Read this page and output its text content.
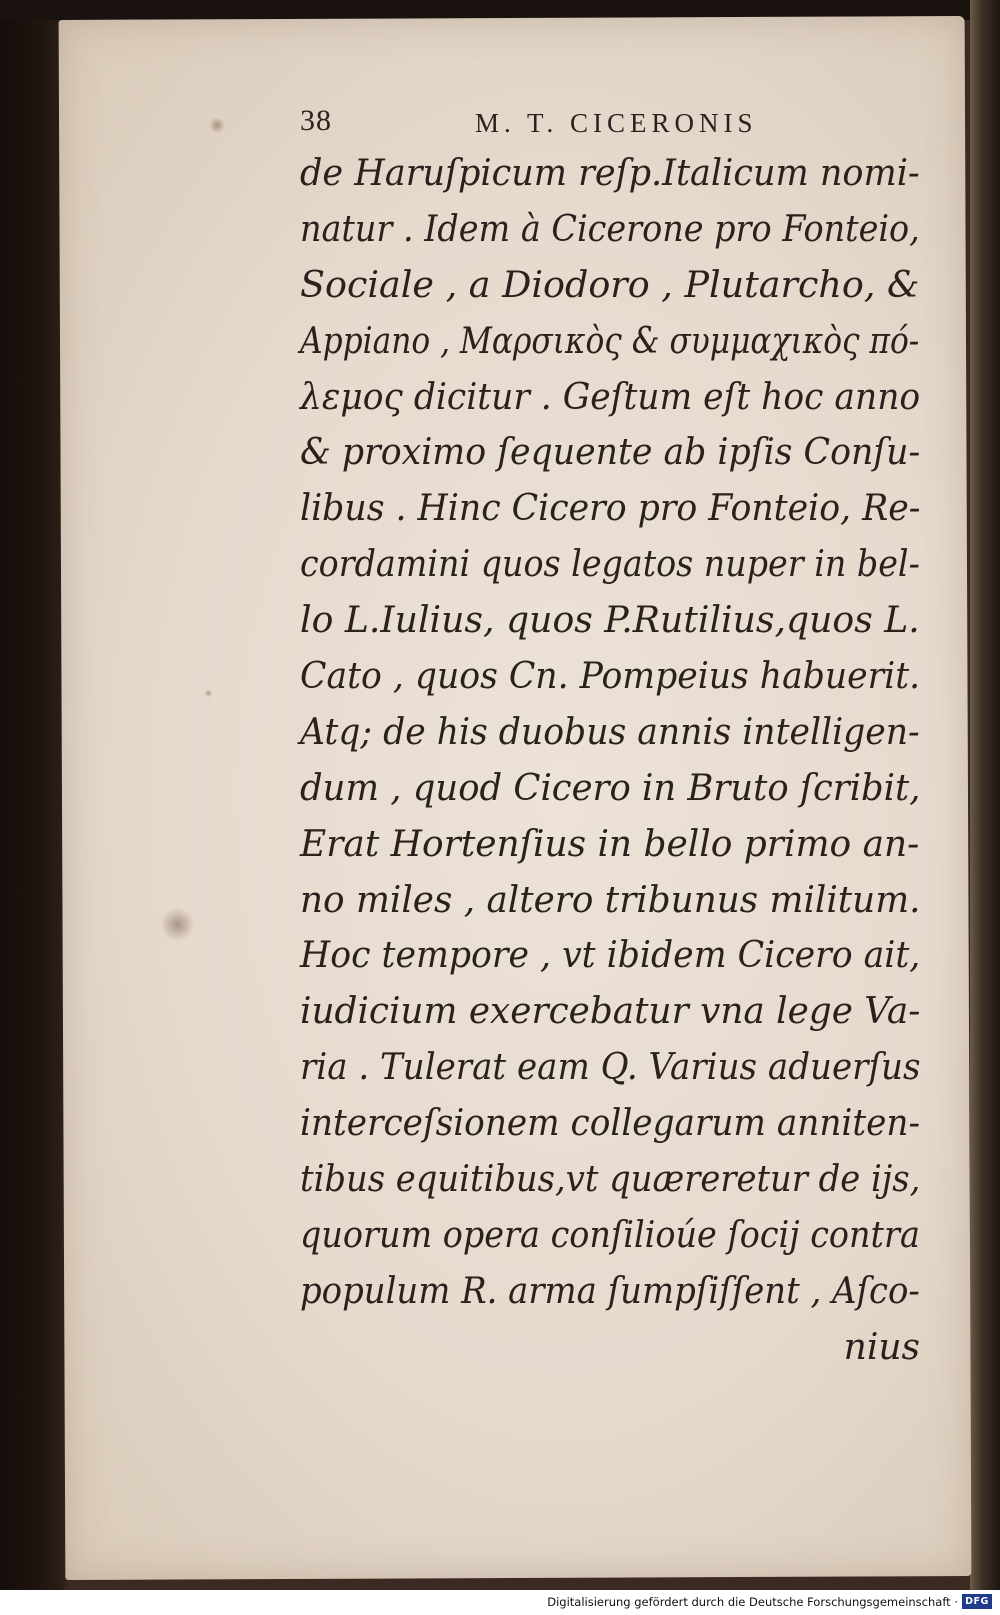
38	M. T. CICERONIS
de Haruſpicum reſp.Italicum nomi-
natur . Idem à Cicerone pro Fonteio,
Sociale , a Diodoro , Plutarcho, &
Appiano , Μαρσικὸς & συμμαχικὸς πό-
λεμος dicitur . Geſtum eſt hoc anno
& proximo ſequente ab ipſis Conſu-
libus . Hinc Cicero pro Fonteio, Re-
cordamini quos legatos nuper in bel-
lo L.Iulius, quos P.Rutilius,quos L.
Cato , quos Cn. Pompeius habuerit.
Atq; de his duobus annis intelligen-
dum , quod Cicero in Bruto ſcribit,
Erat Hortenſius in bello primo an-
no miles , altero tribunus militum.
Hoc tempore , vt ibidem Cicero ait,
iudicium exercebatur vna lege Va-
ria . Tulerat eam Q. Varius aduerſus
interceſsionem collegarum anniten-
tibus equitibus,vt quæreretur de ijs,
quorum opera conſilioúe ſocij contra
populum R. arma ſumpſiſſent , Aſco-
nius
Digitalisierung gefördert durch die Deutsche Forschungsgemeinschaft · DFG
